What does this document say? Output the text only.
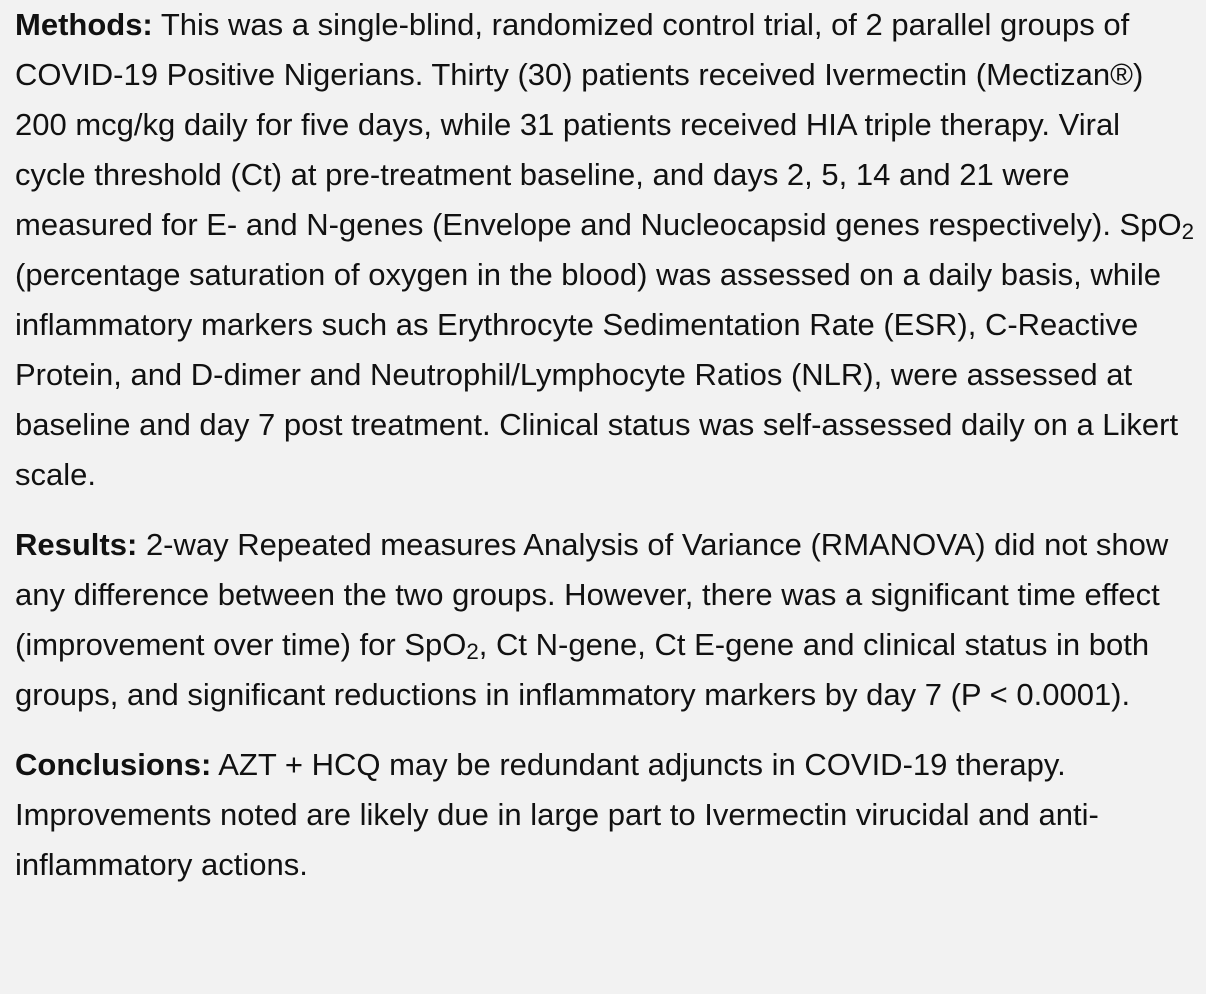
Methods: This was a single-blind, randomized control trial, of 2 parallel groups of COVID-19 Positive Nigerians. Thirty (30) patients received Ivermectin (Mectizan®) 200 mcg/kg daily for five days, while 31 patients received HIA triple therapy. Viral cycle threshold (Ct) at pre-treatment baseline, and days 2, 5, 14 and 21 were measured for E- and N-genes (Envelope and Nucleocapsid genes respectively). SpO$_2$ (percentage saturation of oxygen in the blood) was assessed on a daily basis, while inflammatory markers such as Erythrocyte Sedimentation Rate (ESR), C-Reactive Protein, and D-dimer and Neutrophil/Lymphocyte Ratios (NLR), were assessed at baseline and day 7 post treatment. Clinical status was self-assessed daily on a Likert scale.

Results: 2-way Repeated measures Analysis of Variance (RMANOVA) did not show any difference between the two groups. However, there was a significant time effect (improvement over time) for SpO$_2$, Ct N-gene, Ct E-gene and clinical status in both groups, and significant reductions in inflammatory markers by day 7 (P < 0.0001).

Conclusions: AZT + HCQ may be redundant adjuncts in COVID-19 therapy. Improvements noted are likely due in large part to Ivermectin virucidal and anti-inflammatory actions.
